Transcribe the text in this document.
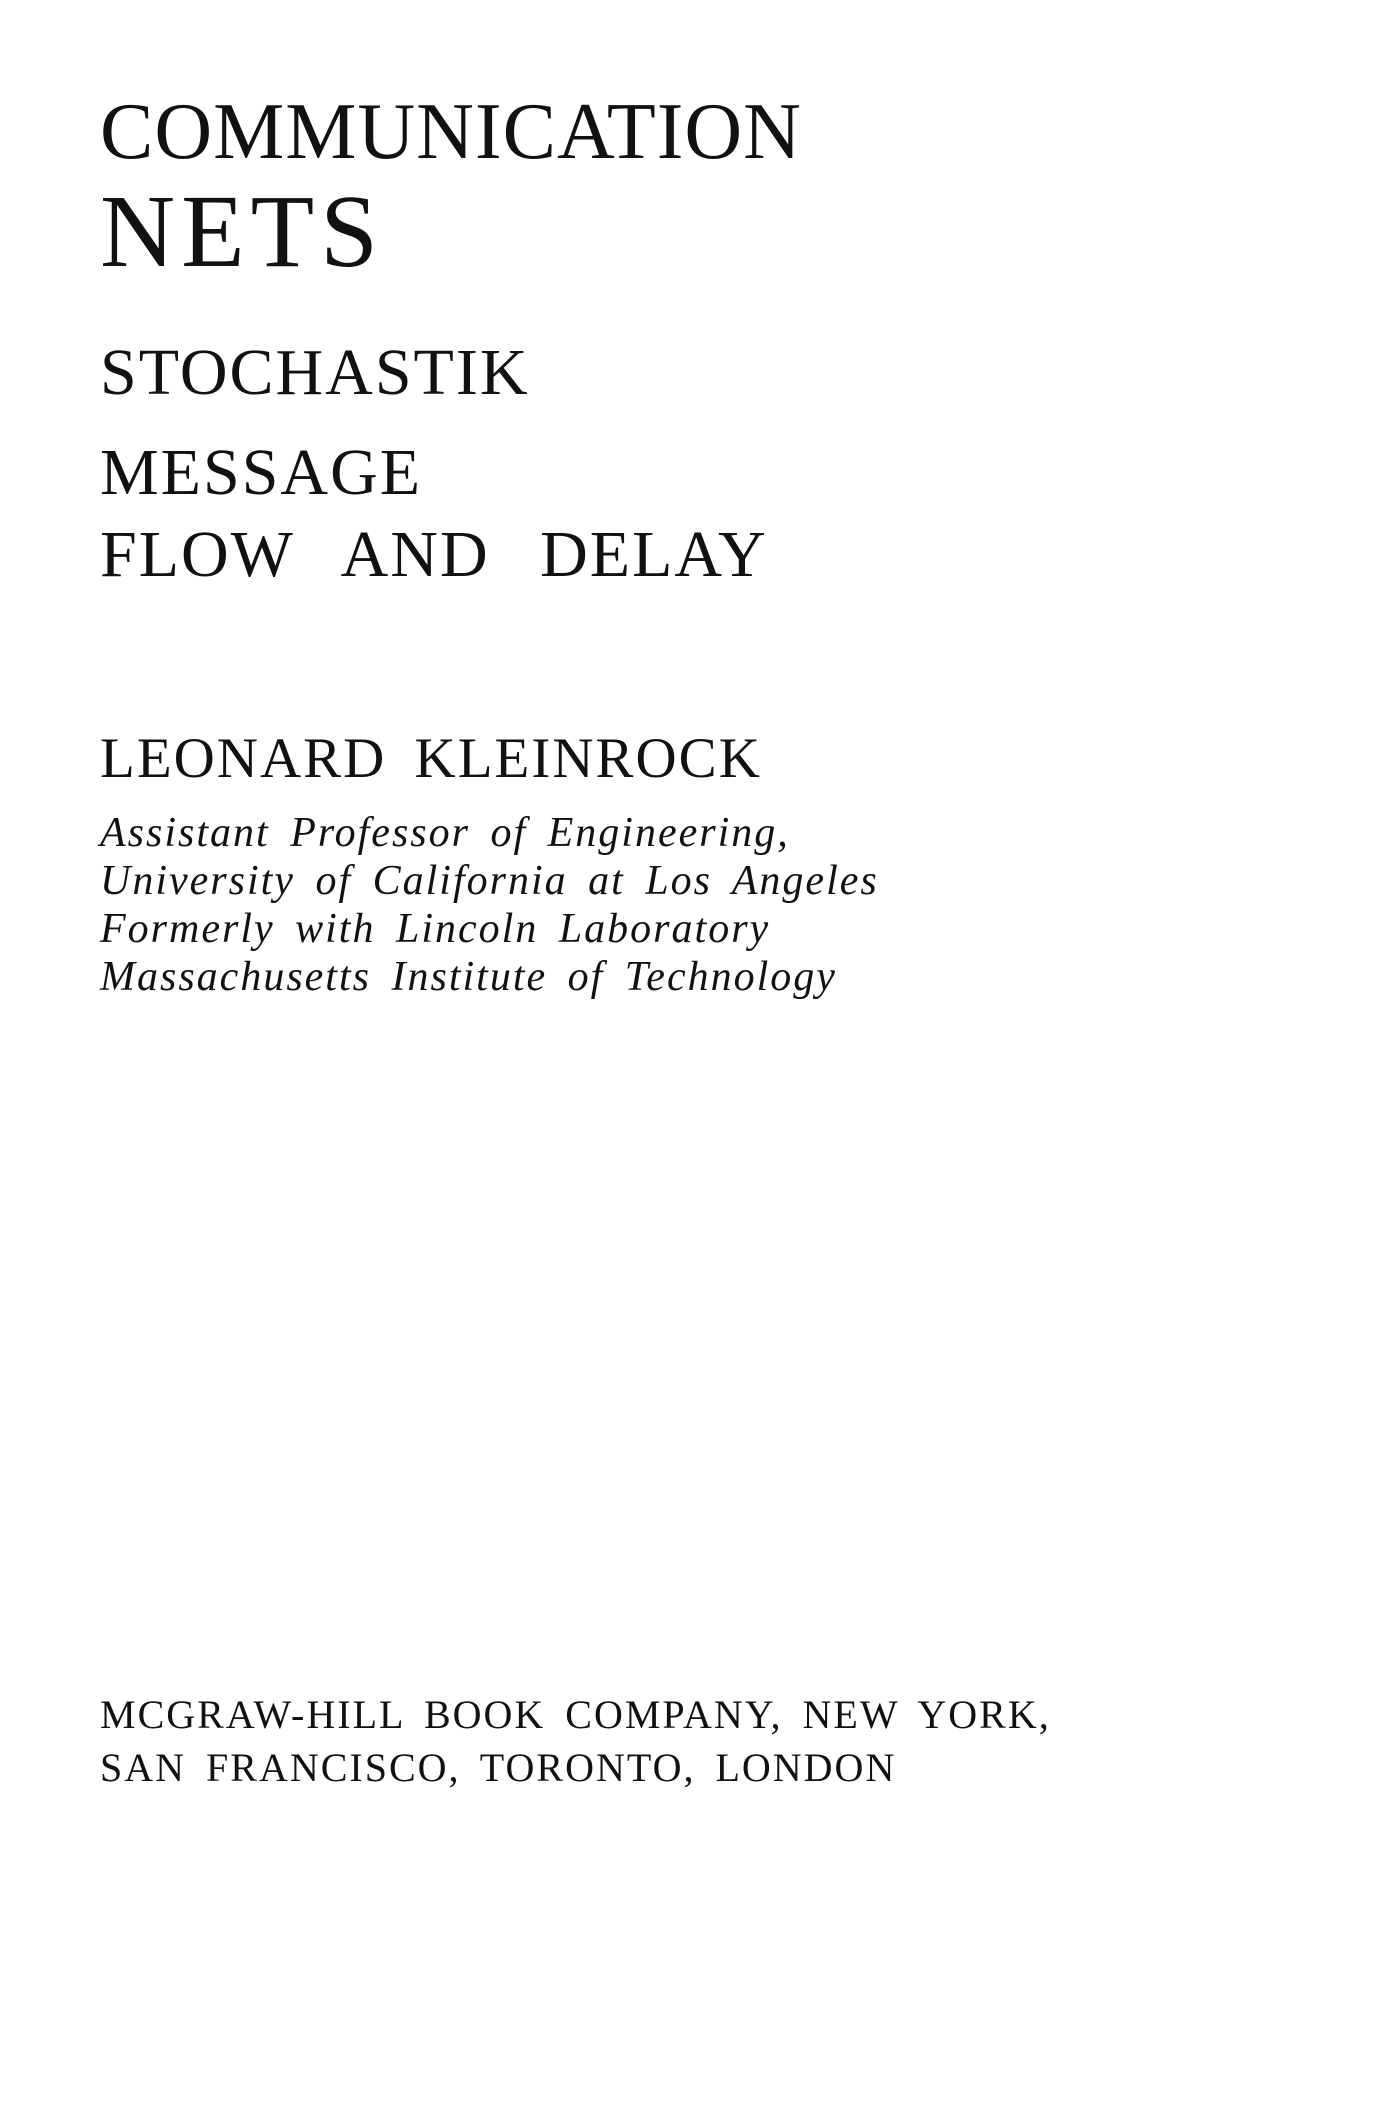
COMMUNICATION
NETS
STOCHASTIK
MESSAGE
FLOW AND DELAY
LEONARD KLEINROCK
Assistant Professor of Engineering,
University of California at Los Angeles
Formerly with Lincoln Laboratory
Massachusetts Institute of Technology
MCGRAW-HILL BOOK COMPANY, NEW YORK,
SAN FRANCISCO, TORONTO, LONDON
